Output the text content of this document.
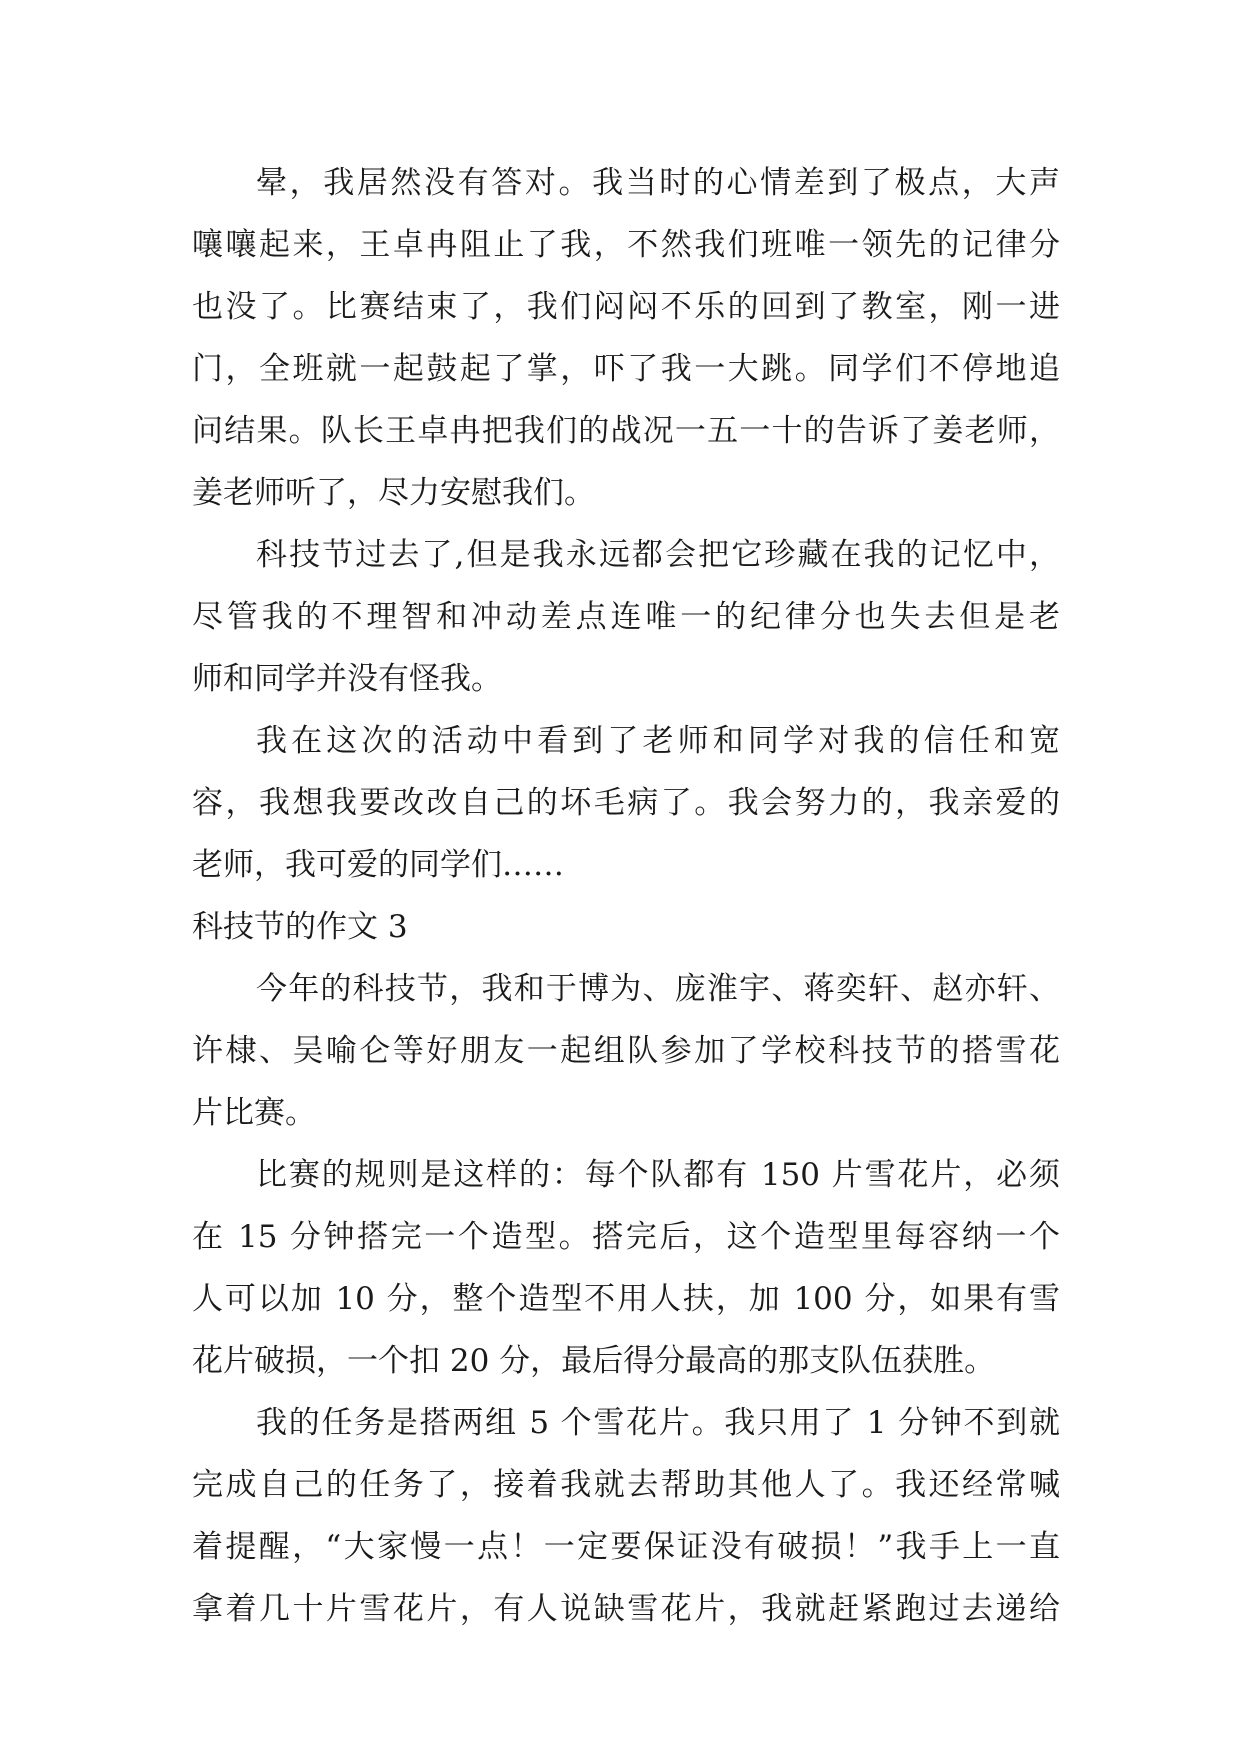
晕，我居然没有答对。我当时的心情差到了极点，大声
嚷嚷起来，王卓冉阻止了我，不然我们班唯一领先的记律分
也没了。比赛结束了，我们闷闷不乐的回到了教室，刚一进
门，全班就一起鼓起了掌，吓了我一大跳。同学们不停地追
问结果。队长王卓冉把我们的战况一五一十的告诉了姜老师，
姜老师听了，尽力安慰我们。
科技节过去了,但是我永远都会把它珍藏在我的记忆中，
尽管我的不理智和冲动差点连唯一的纪律分也失去但是老
师和同学并没有怪我。
我在这次的活动中看到了老师和同学对我的信任和宽
容，我想我要改改自己的坏毛病了。我会努力的，我亲爱的
老师，我可爱的同学们……
科技节的作文 3
今年的科技节，我和于博为、庞淮宇、蒋奕轩、赵亦轩、
许棣、吴喻仑等好朋友一起组队参加了学校科技节的搭雪花
片比赛。
比赛的规则是这样的：每个队都有 150 片雪花片，必须
在 15 分钟搭完一个造型。搭完后，这个造型里每容纳一个
人可以加 10 分，整个造型不用人扶，加 100 分，如果有雪
花片破损，一个扣 20 分，最后得分最高的那支队伍获胜。
我的任务是搭两组 5 个雪花片。我只用了 1 分钟不到就
完成自己的任务了，接着我就去帮助其他人了。我还经常喊
着提醒，“大家慢一点！一定要保证没有破损！”我手上一直
拿着几十片雪花片，有人说缺雪花片，我就赶紧跑过去递给
